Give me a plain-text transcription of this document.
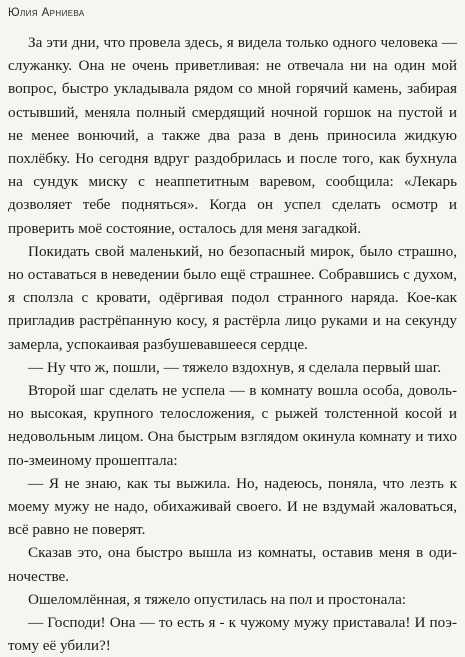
Юлия Арниева

За эти дни, что провела здесь, я видела только одного человека — служанку. Она не очень приветливая: не отвечала ни на один мой вопрос, быстро укладывала рядом со мной горячий камень, забирая остывший, меняла полный смердящий ночной горшок на пустой и не менее вонючий, а также два раза в день приносила жидкую похлёбку. Но сегодня вдруг раздобрилась и после того, как бухнула на сундук миску с неаппетитным варевом, сообщила: «Лекарь дозволяет тебе подняться». Когда он успел сделать осмотр и проверить моё состояние, осталось для меня загадкой.

Покидать свой маленький, но безопасный мирок, было страшно, но оставаться в неведении было ещё страшнее. Собравшись с духом, я сползла с кровати, одёргивая подол странного наряда. Кое-как пригладив растрёпанную косу, я растёрла лицо руками и на секунду замерла, успокаивая разбушевавшееся сердце.

— Ну что ж, пошли, — тяжело вздохнув, я сделала первый шаг.

Второй шаг сделать не успела — в комнату вошла особа, довольно высокая, крупного телосложения, с рыжей толстенной косой и недовольным лицом. Она быстрым взглядом окинула комнату и тихо по-змеиному прошептала:

— Я не знаю, как ты выжила. Но, надеюсь, поняла, что лезть к моему мужу не надо, обихаживай своего. И не вздумай жаловаться, всё равно не поверят.

Сказав это, она быстро вышла из комнаты, оставив меня в одиночестве.

Ошеломлённая, я тяжело опустилась на пол и простонала:

— Господи! Она — то есть я - к чужому мужу приставала! И поэтому её убили?!
